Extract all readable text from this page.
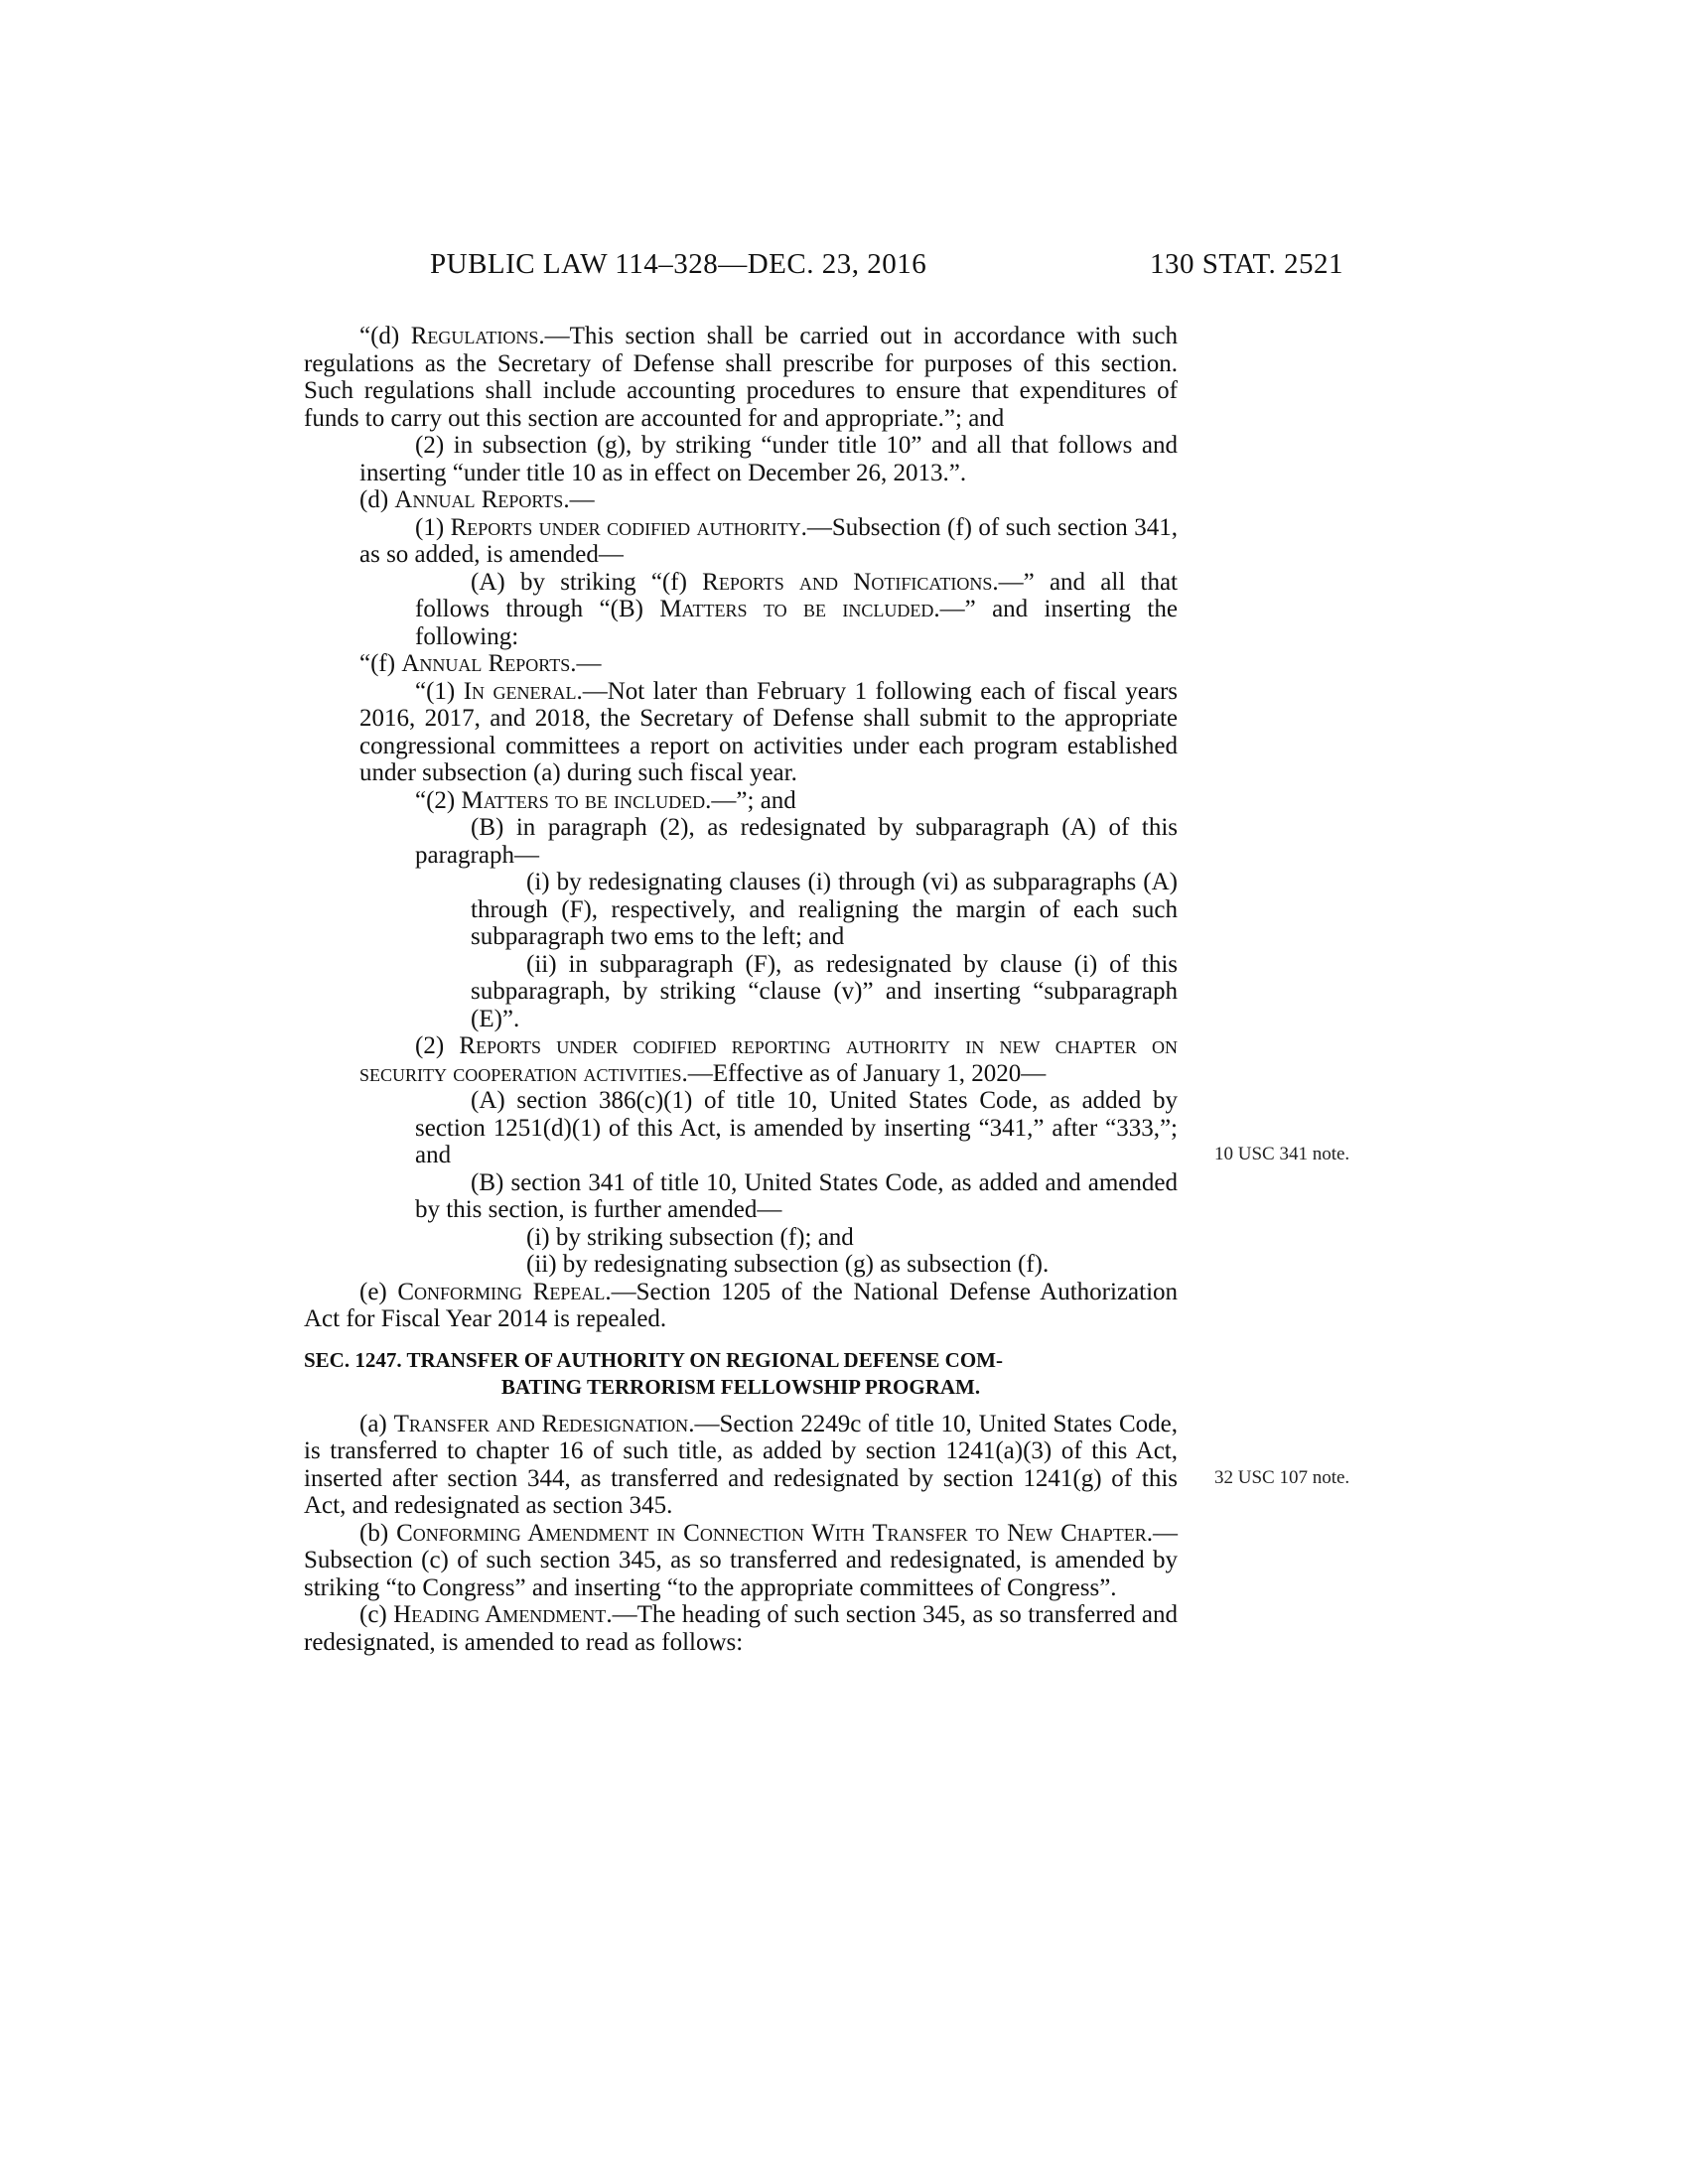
PUBLIC LAW 114–328—DEC. 23, 2016	130 STAT. 2521
10 USC 341 note.
32 USC 107 note.

“(d) Regulations.—This section shall be carried out in accordance with such regulations as the Secretary of Defense shall prescribe for purposes of this section. Such regulations shall include accounting procedures to ensure that expenditures of funds to carry out this section are accounted for and appropriate.”; and

(2) in subsection (g), by striking “under title 10” and all that follows and inserting “under title 10 as in effect on December 26, 2013.”.

(d) Annual Reports.—

(1) Reports under codified authority.—Subsection (f) of such section 341, as so added, is amended—

(A) by striking “(f) Reports and Notifications.—” and all that follows through “(B) Matters to be included.—” and inserting the following:

“(f) Annual Reports.—

“(1) In general.—Not later than February 1 following each of fiscal years 2016, 2017, and 2018, the Secretary of Defense shall submit to the appropriate congressional committees a report on activities under each program established under subsection (a) during such fiscal year.

“(2) Matters to be included.—”; and

(B) in paragraph (2), as redesignated by subparagraph (A) of this paragraph—

(i) by redesignating clauses (i) through (vi) as subparagraphs (A) through (F), respectively, and realigning the margin of each such subparagraph two ems to the left; and

(ii) in subparagraph (F), as redesignated by clause (i) of this subparagraph, by striking “clause (v)” and inserting “subparagraph (E)”.

(2) Reports under codified reporting authority in new chapter on security cooperation activities.—Effective as of January 1, 2020—

(A) section 386(c)(1) of title 10, United States Code, as added by section 1251(d)(1) of this Act, is amended by inserting “341,” after “333,”; and

(B) section 341 of title 10, United States Code, as added and amended by this section, is further amended—

(i) by striking subsection (f); and

(ii) by redesignating subsection (g) as subsection (f).

(e) Conforming Repeal.—Section 1205 of the National Defense Authorization Act for Fiscal Year 2014 is repealed.

SEC. 1247. TRANSFER OF AUTHORITY ON REGIONAL DEFENSE COM-
BATING TERRORISM FELLOWSHIP PROGRAM.

(a) Transfer and Redesignation.—Section 2249c of title 10, United States Code, is transferred to chapter 16 of such title, as added by section 1241(a)(3) of this Act, inserted after section 344, as transferred and redesignated by section 1241(g) of this Act, and redesignated as section 345.

(b) Conforming Amendment in Connection With Transfer to New Chapter.—Subsection (c) of such section 345, as so transferred and redesignated, is amended by striking “to Congress” and inserting “to the appropriate committees of Congress”.

(c) Heading Amendment.—The heading of such section 345, as so transferred and redesignated, is amended to read as follows:
